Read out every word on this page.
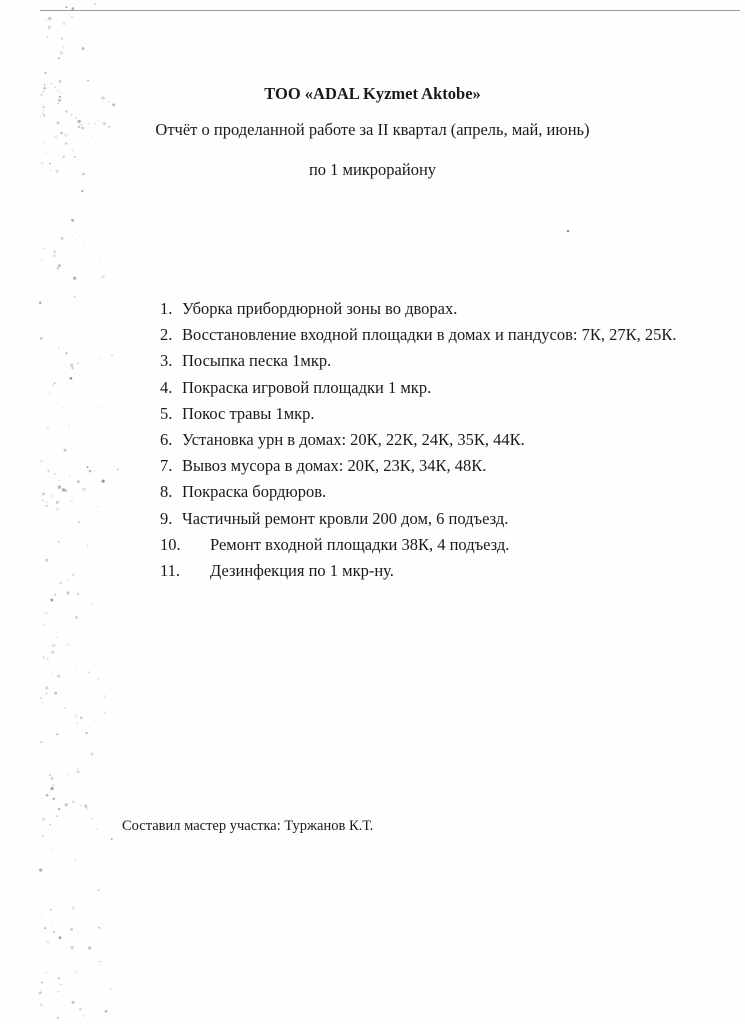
ТОО «ADAL Kyzmet Aktobe»
Отчёт о проделанной работе за II квартал (апрель, май, июнь)
по 1 микрорайону
1. Уборка прибордюрной зоны во дворах.
2. Восстановление входной площадки в домах и пандусов: 7К, 27К, 25К.
3. Посыпка песка 1мкр.
4. Покраска игровой площадки 1 мкр.
5. Покос травы 1мкр.
6. Установка урн в домах: 20К, 22К, 24К, 35К, 44К.
7. Вывоз мусора в домах: 20К, 23К, 34К, 48К.
8. Покраска бордюров.
9. Частичный ремонт кровли 200 дом, 6 подъезд.
10. Ремонт входной площадки 38К, 4 подъезд.
11. Дезинфекция по 1 мкр-ну.
Составил мастер участка: Туржанов К.Т.
